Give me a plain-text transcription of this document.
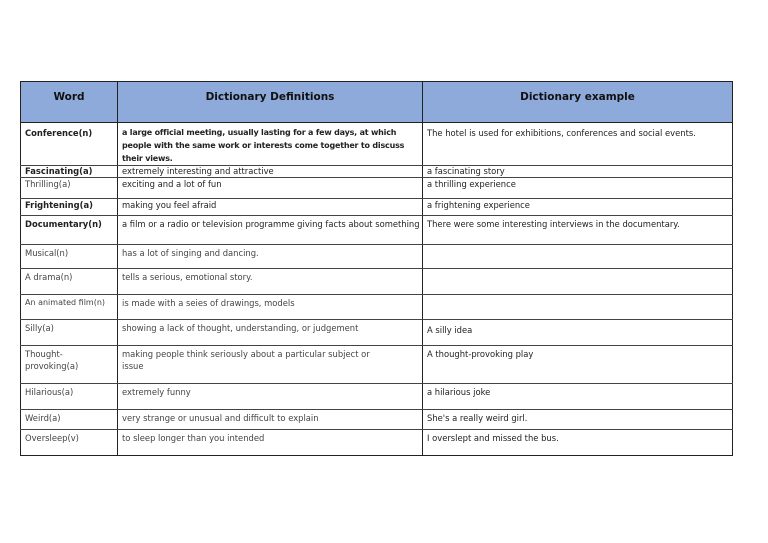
Word	Dictionary Definitions	Dictionary example
Conference(n)	a large official meeting, usually lasting for a few days, at which people with the same work or interests come together to discuss their views.	The hotel is used for exhibitions, conferences and social events.
Fascinating(a)	extremely interesting and attractive	a fascinating story
Thrilling(a)	exciting and a lot of fun	a thrilling experience
Frightening(a)	making you feel afraid	a frightening experience
Documentary(n)	a film or a radio or television programme giving facts about something	There were some interesting interviews in the documentary.
Musical(n)	has a lot of singing and dancing.	
A drama(n)	tells a serious, emotional story.	
An animated film(n)	is made with a seies of drawings, models	
Silly(a)	showing a lack of thought, understanding, or judgement	A silly idea
Thought-provoking(a)	making people think seriously about a particular subject or issue	A thought-provoking play
Hilarious(a)	extremely funny	a hilarious joke
Weird(a)	very strange or unusual and difficult to explain	She's a really weird girl.
Oversleep(v)	to sleep longer than you intended	I overslept and missed the bus.
